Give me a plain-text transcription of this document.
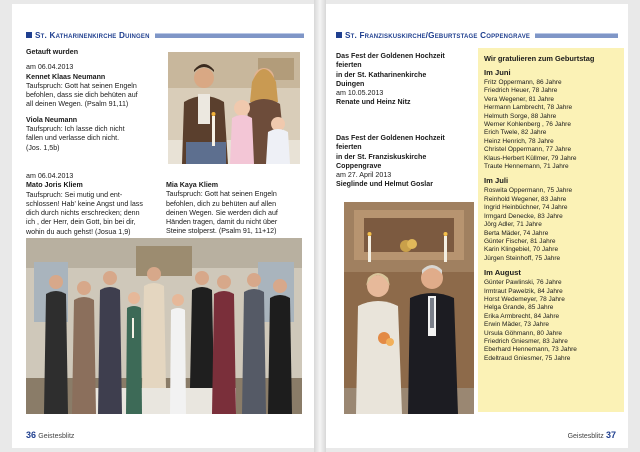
St. Katharinenkirche Duingen

Getauft wurden

am 06.04.2013

Kennet Klaas Neumann

Taufspruch: Gott hat seinen Engeln

befohlen, dass sie dich behüten auf

all deinen Wegen. (Psalm 91,11)

Viola Neumann

Taufspruch: Ich lasse dich nicht

fallen und verlasse dich nicht.

(Jos. 1,5b)

am 06.04.2013

Mato Joris Kliem

Taufspruch: Sei mutig und ent-

schlossen! Hab' keine Angst und lass

dich durch nichts erschrecken; denn

ich , der Herr, dein Gott, bin bei dir,

wohin du auch gehst! (Josua 1,9)

Mia Kaya Kliem

Taufspruch: Gott hat seinen Engeln

befohlen, dich zu behüten auf allen

deinen Wegen. Sie werden dich auf

Händen tragen, damit du nicht über

Steine stolperst. (Psalm 91, 11+12)

36 Geistesblitz
St. Franziskuskirche/Geburtstage Coppengrave

Das Fest der Goldenen Hochzeit

feierten

in der St. Katharinenkirche

Duingen

am 10.05.2013

Renate und Heinz Nitz

Das Fest der Goldenen Hochzeit

feierten

in der St. Franziskuskirche

Coppengrave

am 27. April 2013

Sieglinde und Helmut Goslar

Wir gratulieren zum Geburtstag
Im Juni
Fritz Oppermann, 86 Jahre
Friedrich Heuer, 78 Jahre
Vera Wegener, 81 Jahre
Hermann Lambrecht, 78 Jahre
Helmuth Sorge, 88 Jahre
Werner Kohlenberg , 76 Jahre
Erich Twele, 82 Jahre
Heinz Henrich, 78 Jahre
Christel Oppermann, 77 Jahre
Klaus-Herbert Küllmer, 79 Jahre
Traute Hennemann, 71 Jahre
Im Juli
Roswita Oppermann, 75 Jahre
Reinhold Wegener, 83 Jahre
Ingrid Heinbüchner, 74 Jahre
Irmgard Denecke, 83 Jahre
Jörg Adler, 71 Jahre
Berta Mäder, 74 Jahre
Günter Fischer, 81 Jahre
Karin Klingebiel, 70 Jahre
Jürgen Steinhoff, 75 Jahre
Im August
Günter Pawlinski, 76 Jahre
Irmtraut Pawelzik, 84 Jahre
Horst Wedemeyer, 78 Jahre
Helga Grande, 85 Jahre
Erika Armbrecht, 84 Jahre
Erwin Mäder, 73 Jahre
Ursula Göhmann, 80 Jahre
Friedrich Gniesmer, 83 Jahre
Eberhard Hennemann, 73 Jahre
Edeltraud Gniesmer, 75 Jahre
Geistesblitz 37
